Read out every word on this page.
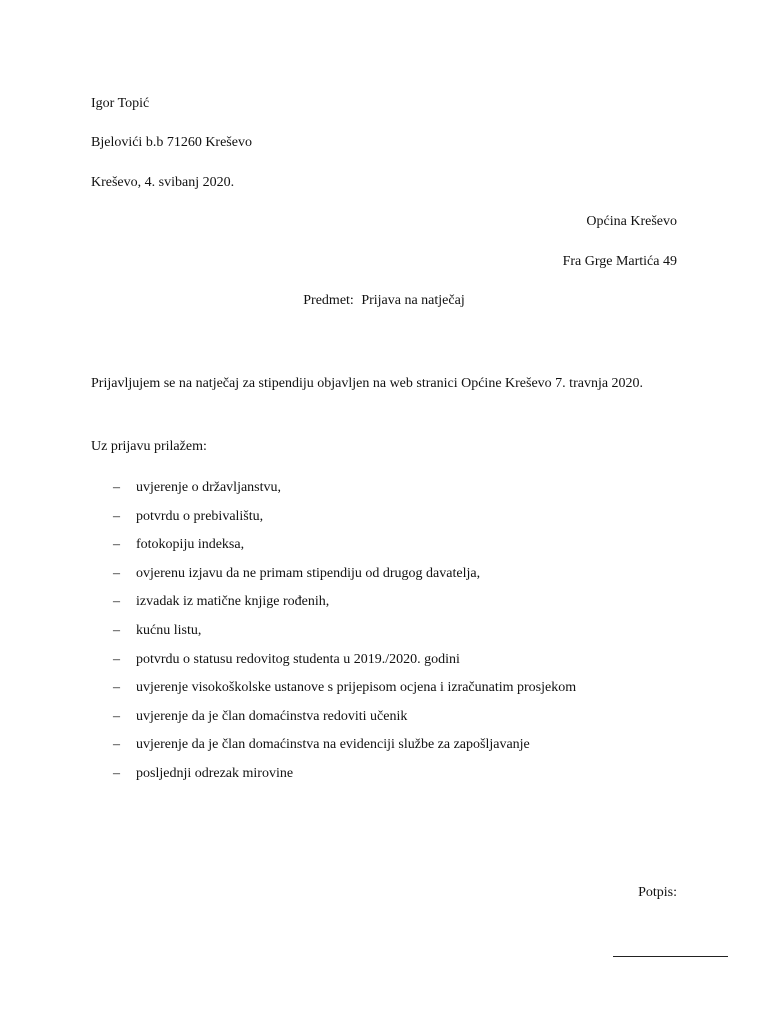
Igor Topić
Bjelovići b.b 71260 Kreševo
Kreševo, 4. svibanj 2020.
Općina Kreševo
Fra Grge Martića 49
Predmet: Prijava na natječaj
Prijavljujem se na natječaj za stipendiju objavljen na web stranici Općine Kreševo 7. travnja 2020.
Uz prijavu prilažem:
– uvjerenje o državljanstvu,
– potvrdu o prebivalištu,
– fotokopiju indeksa,
– ovjerenu izjavu da ne primam stipendiju od drugog davatelja,
– izvadak iz matične knjige rođenih,
– kućnu listu,
– potvrdu o statusu redovitog studenta u 2019./2020. godini
– uvjerenje visokoškolske ustanove s prijepisom ocjena i izračunatim prosjekom
– uvjerenje da je član domaćinstva redoviti učenik
– uvjerenje da je član domaćinstva na evidenciji službe za zapošljavanje
– posljednji odrezak mirovine
Potpis:
